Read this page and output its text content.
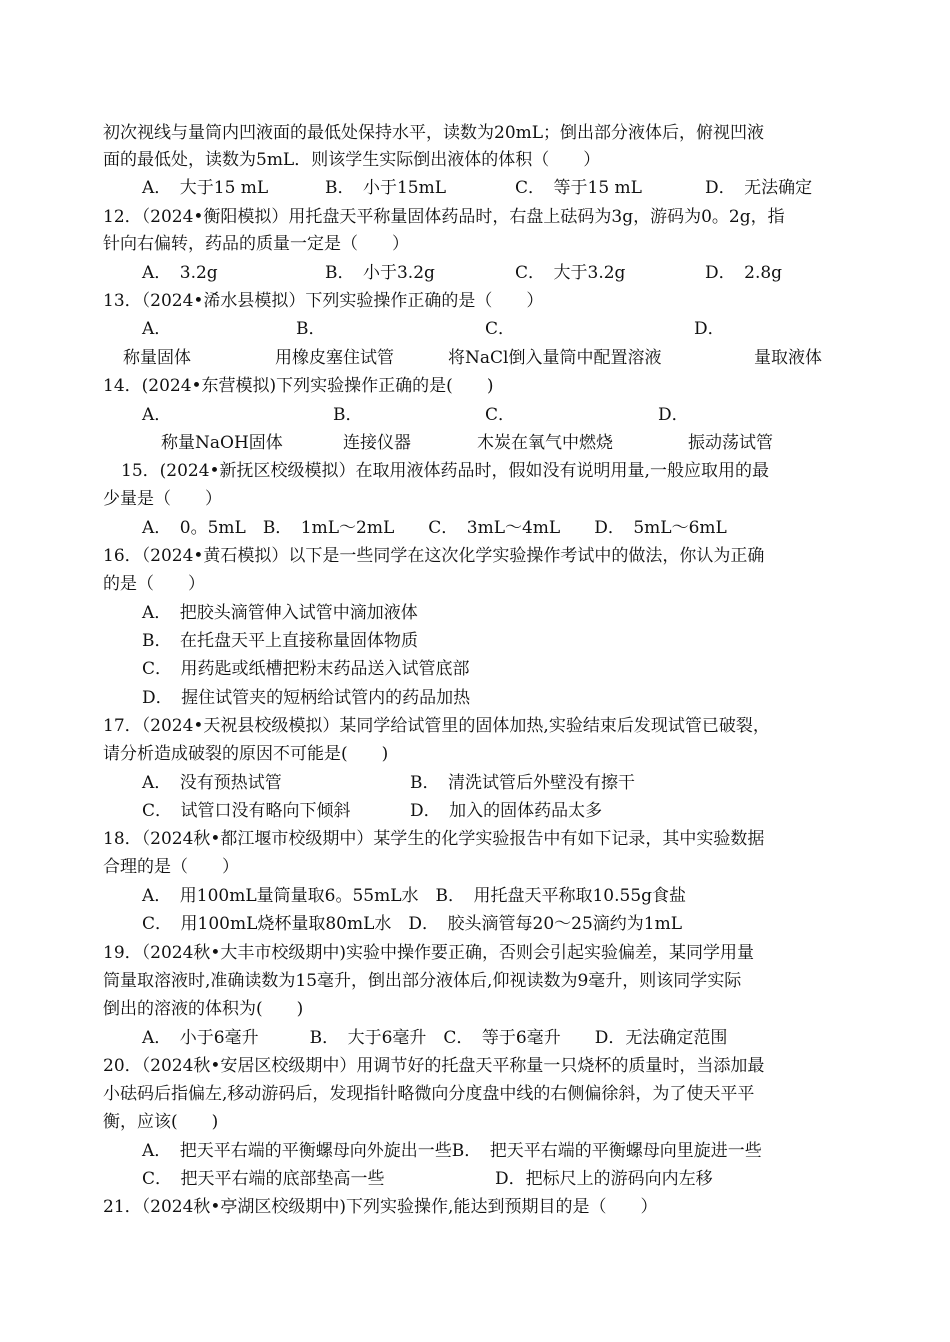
初次视线与量筒内凹液面的最低处保持水平，读数为20mL；倒出部分液体后，俯视凹液
面的最低处，读数为5mL．则该学生实际倒出液体的体积（　　）
12．（2024•衡阳模拟）用托盘天平称量固体药品时，右盘上砝码为3g，游码为0。2g，指
针向右偏转，药品的质量一定是（　　）
13．（2024•浠水县模拟）下列实验操作正确的是（　　）
14．(2024•东营模拟)下列实验操作正确的是(　　)
15．(2024•新抚区校级模拟）在取用液体药品时，假如没有说明用量,一般应取用的最
少量是（　　）
16．（2024•黄石模拟）以下是一些同学在这次化学实验操作考试中的做法，你认为正确
的是（　　）
17．（2024•天祝县校级模拟）某同学给试管里的固体加热,实验结束后发现试管已破裂，
请分析造成破裂的原因不可能是(　　)
18．（2024秋•都江堰市校级期中）某学生的化学实验报告中有如下记录，其中实验数据
合理的是（　　）
19．（2024秋•大丰市校级期中)实验中操作要正确，否则会引起实验偏差，某同学用量
筒量取溶液时,准确读数为15毫升，倒出部分液体后,仰视读数为9毫升，则该同学实际
倒出的溶液的体积为(　　)
20．（2024秋•安居区校级期中）用调节好的托盘天平称量一只烧杯的质量时，当添加最
小砝码后指偏左,移动游码后，发现指针略微向分度盘中线的右侧偏徐斜，为了使天平平
衡，应该(　　)
21．（2024秋•亭湖区校级期中)下列实验操作,能达到预期目的是（　　）
A．　大于15 mL	B．　小于15mL	C．　等于15 mL	D．　无法确定
A．　3.2g	B．　小于3.2g	C．　大于3.2g	D．　2.8g
A．	B．	C．	D．
称量固体	用橡皮塞住试管	将NaCl倒入量筒中配置溶液	量取液体
A．	B．	C．	D．
称量NaOH固体	连接仪器	木炭在氧气中燃烧	振动荡试管
A．　0。5mL　B．　1mL～2mL　　C．　3mL～4mL　　D．　5mL～6mL
A．　把胶头滴管伸入试管中滴加液体
B．　在托盘天平上直接称量固体物质
C．　用药匙或纸槽把粉末药品送入试管底部
D．　握住试管夹的短柄给试管内的药品加热
A．　没有预热试管	B．　清洗试管后外壁没有擦干
C．　试管口没有略向下倾斜	D．　加入的固体药品太多
A．　用100mL量筒量取6。55mL水　B．　用托盘天平称取10.55g食盐
C．　用100mL烧杯量取80mL水　D．　胶头滴管每20～25滴约为1mL
A．　小于6毫升　　　B．　大于6毫升　C．　等于6毫升　　D．无法确定范围
A．　把天平右端的平衡螺母向外旋出一些B．　把天平右端的平衡螺母向里旋进一些
C．　把天平右端的底部垫高一些	D．把标尺上的游码向内左移
